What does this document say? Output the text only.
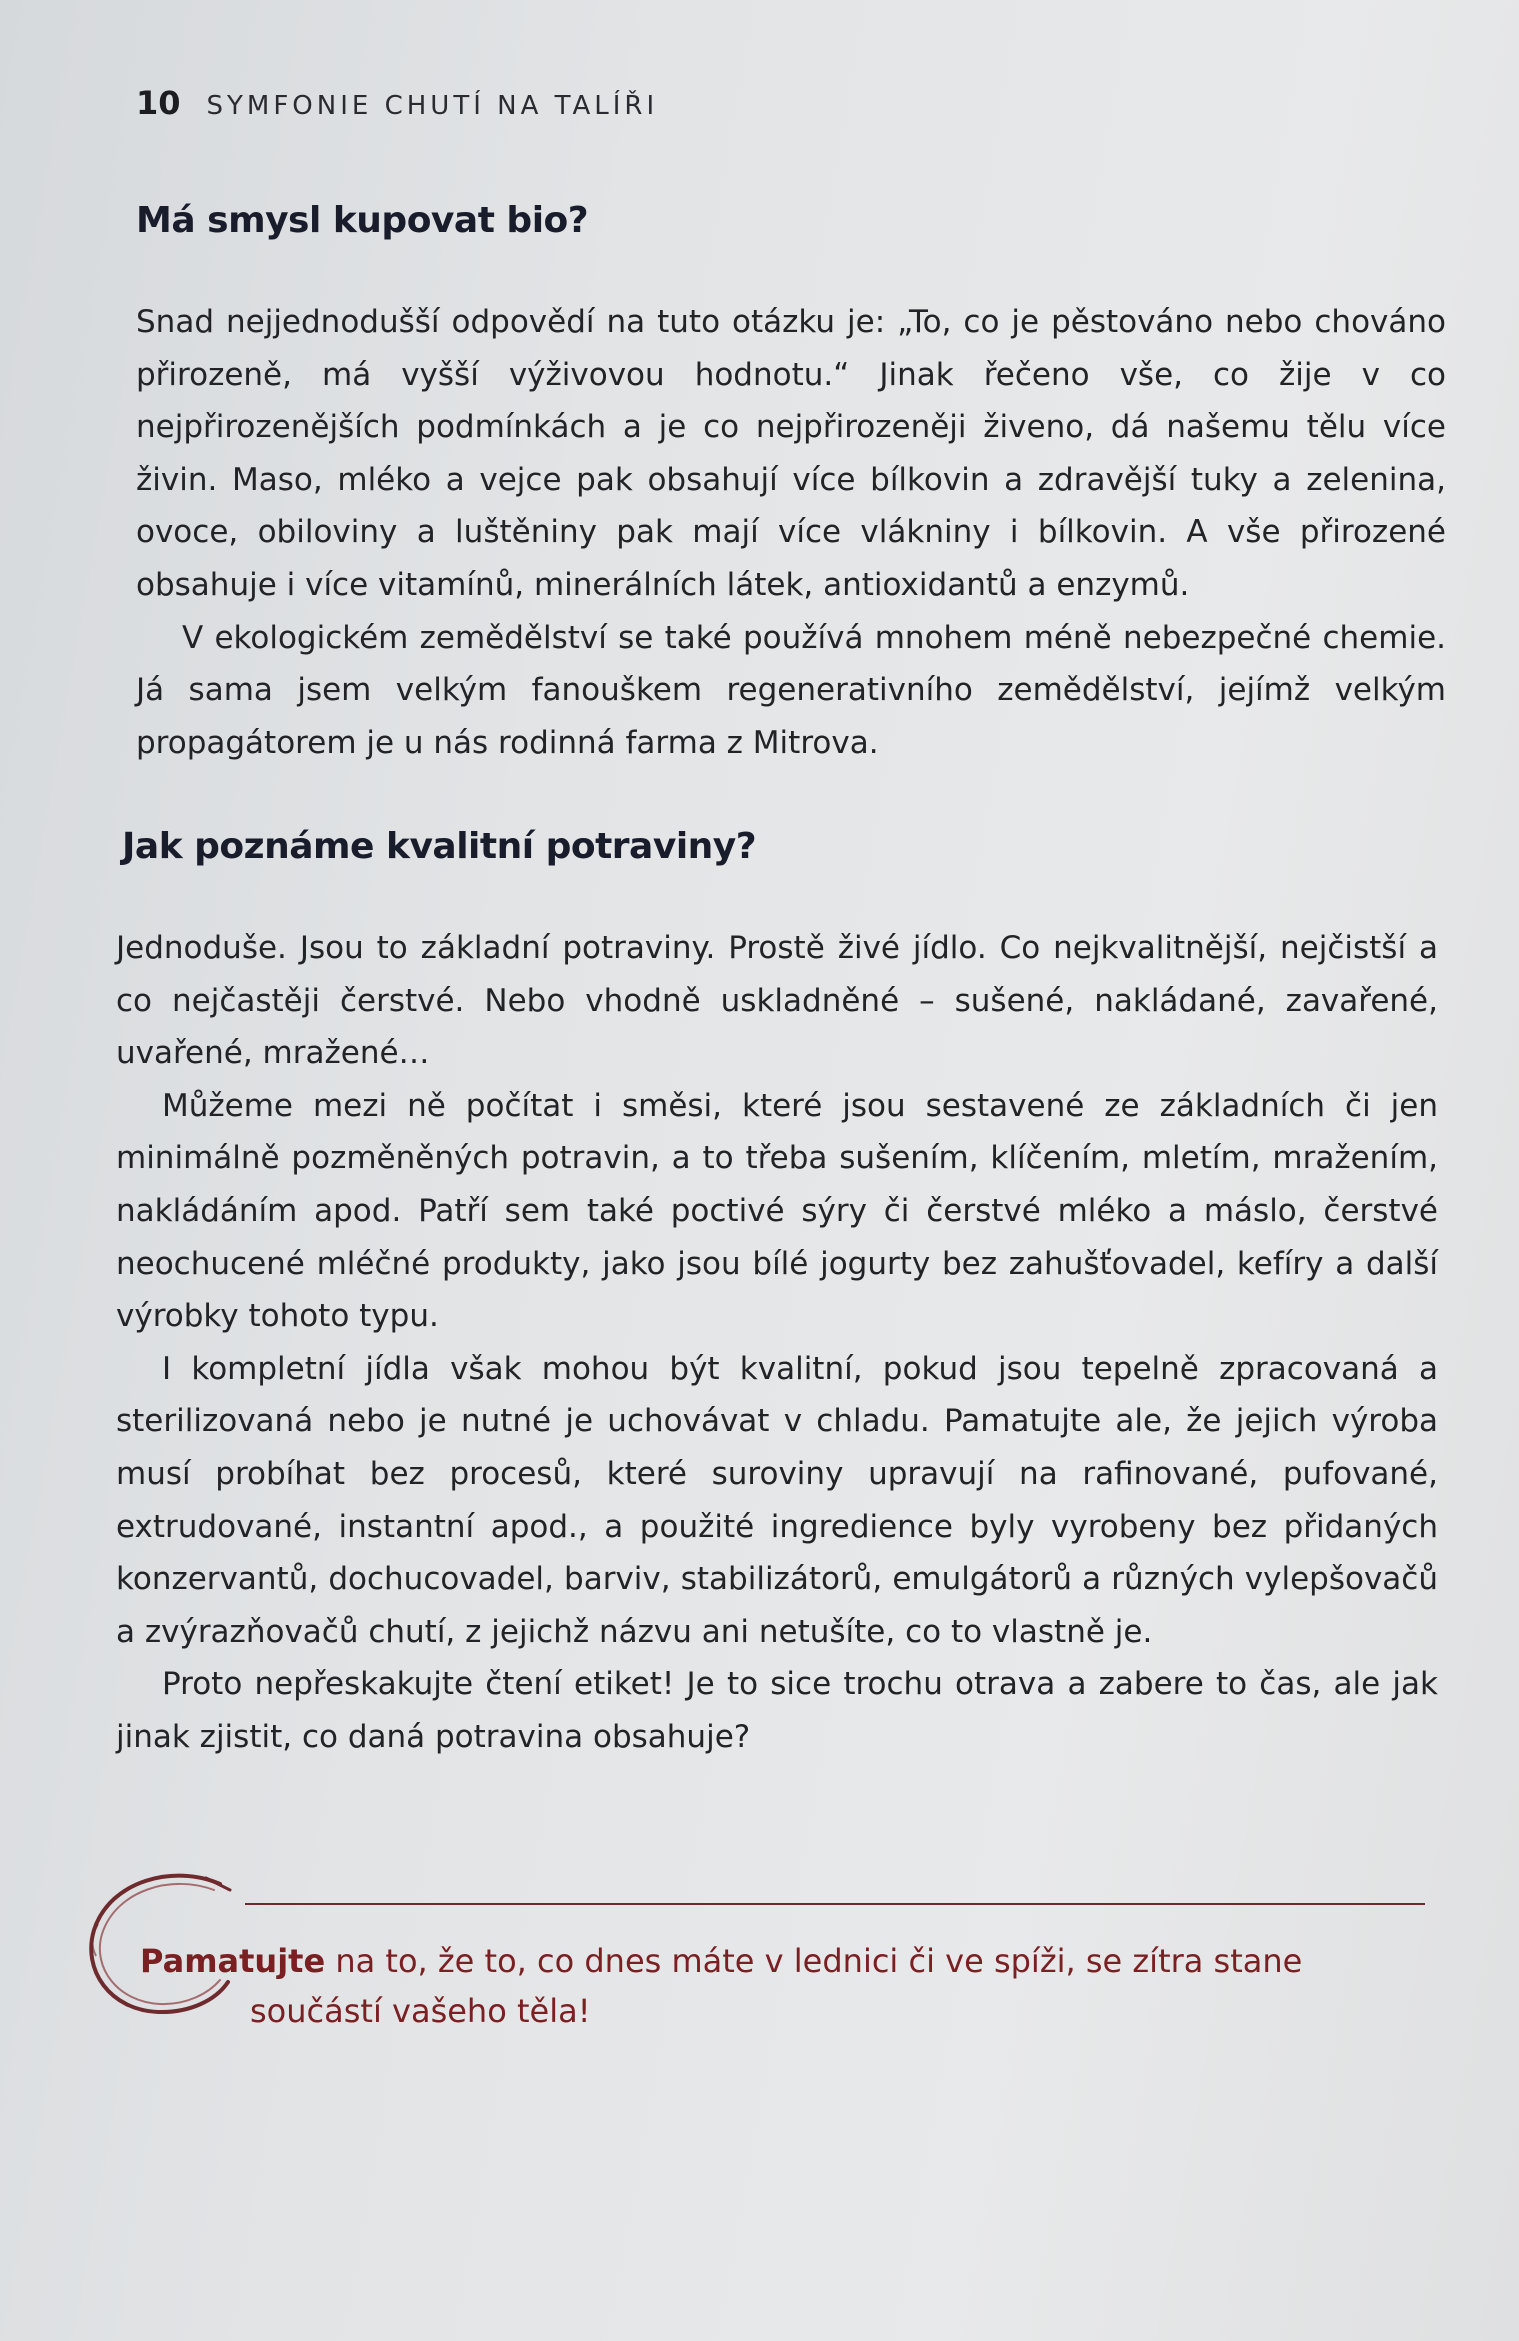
10 SYMFONIE CHUTÍ NA TALÍŘI
Má smysl kupovat bio?

Snad nejjednodušší odpovědí na tuto otázku je: „To, co je pěstováno nebo chováno přirozeně, má vyšší výživovou hodnotu.“ Jinak řečeno vše, co žije v co nejpřirozenějších podmínkách a je co nejpřirozeněji živeno, dá našemu tělu více živin. Maso, mléko a vejce pak obsahují více bílkovin a zdravější tuky a zelenina, ovoce, obiloviny a luštěniny pak mají více vlákniny i bílkovin. A vše přirozené obsahuje i více vitamínů, minerálních látek, antioxidantů a enzymů.

V ekologickém zemědělství se také používá mnohem méně nebezpečné chemie. Já sama jsem velkým fanouškem regenerativního zemědělství, jejímž velkým propagátorem je u nás rodinná farma z Mitrova.

Jak poznáme kvalitní potraviny?

Jednoduše. Jsou to základní potraviny. Prostě živé jídlo. Co nejkvalitnější, nejčistší a co nejčastěji čerstvé. Nebo vhodně uskladněné – sušené, nakládané, zavařené, uvařené, mražené…

Můžeme mezi ně počítat i směsi, které jsou sestavené ze základních či jen minimálně pozměněných potravin, a to třeba sušením, klíčením, mletím, mražením, nakládáním apod. Patří sem také poctivé sýry či čerstvé mléko a máslo, čerstvé neochucené mléčné produkty, jako jsou bílé jogurty bez zahušťovadel, kefíry a další výrobky tohoto typu.

I kompletní jídla však mohou být kvalitní, pokud jsou tepelně zpracovaná a sterilizovaná nebo je nutné je uchovávat v chladu. Pamatujte ale, že jejich výroba musí probíhat bez procesů, které suroviny upravují na rafinované, pufované, extrudované, instantní apod., a použité ingredience byly vyrobeny bez přidaných konzervantů, dochucovadel, barviv, stabilizátorů, emulgátorů a různých vylepšovačů a zvýrazňovačů chutí, z jejichž názvu ani netušíte, co to vlastně je.

Proto nepřeskakujte čtení etiket! Je to sice trochu otrava a zabere to čas, ale jak jinak zjistit, co daná potravina obsahuje?

Pamatujte na to, že to, co dnes máte v lednici či ve spíži, se zítra stane
součástí vašeho těla!
